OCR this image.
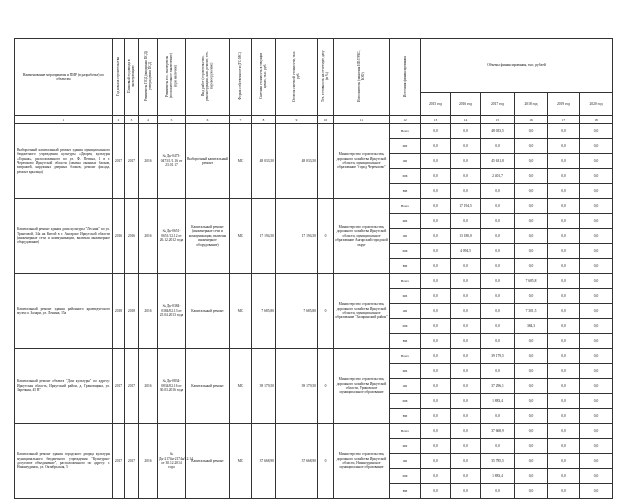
Наименование мероприятия и ПИР (в разработке) по объектам	Год начала строительства	Плановый год ввода в эксплуатацию	Реквизиты ПСД (вводимая ПСД) утверждения ПСД	Реквизиты гос. экспертизы (положительное заключение) (при наличии)	Вид работ (строительство, реконструкция, кап. ремонт, тех. перевооружение)	Форма собственности (ГС/МС)	Сметная стоимость в текущих ценах, тыс. руб.	Остаток сметной стоимости, тыс. руб.	Тех. готовность на отчетную дату (в %)	Исполнитель (заказчик ИП/ГРБС, ЮО)	Источник финансирования	Объемы финансирования, тыс. рублей					
												2015 год	2016 год	2017 год	2018 год	2019 год	2020 год
1	2	3	4	5	6	7	8	9	10	11	12	13	14	15	16	17	18
Выборочный капитальный ремонт здания муниципального бюджетного учреждения культуры «Дворец культуры «Горняк», расположенного по ул. Ф. Петина, 1 в г. Черемхово Иркутской области (замена оконных блоков, витражей, наружных дверных блоков, ремонт фасада, ремонт крыльца)	2017	2017	2016	№ Дк-0473-0473/1/1.16 от 23.01.17	Выборочный капитальный ремонт	МС	48 033,50	48 033,50		Министерство строительства, дорожного хозяйства Иркутской области, муниципальное образование "город Черемхово"	Всего	0,0	0,0	48 033,5	0,0	0,0	0,0
											ФБ	0,0	0,0	0,0	0,0	0,0	0,0
											ОБ	0,0	0,0	45 631,8	0,0	0,0	0,0
											МБ	0,0	0,0	2 401,7	0,0	0,0	0,0
											ВИ	0,0	0,0	0,0	0,0	0,0	0,0
Капитальный ремонт здания дома культуры "Лесник" по ул. Трактовой, 34а на Китой в г. Ангарске Иркутской области (инженерные сети и коммуникации, включая инженерное оборудование)	2016	2016	2016	№ Дк-0651-0651/12.12 от 26.12.2012 года	Капитальный ремонт (инженерные сети и коммуникации, включая инженерное оборудование)	МС	17 194,50	17 194,50	0	Министерство строительства, дорожного хозяйства Иркутской области, муниципальное образование Ангарский городской округ	Всего	0,0	17 194,5	0,0	0,0	0,0	0,0
											ФБ	0,0	0,0	0,0	0,0	0,0	0,0
											ОБ	0,0	13 180,0	0,0	0,0	0,0	0,0
											МБ	0,0	4 094,5	0,0	0,0	0,0	0,0
											ВИ	0,0	0,0	0,0	0,0	0,0	0,0
Капитальный ремонт здания районного краеведческого музея п. Залари, ул. Ленина, 15а	2018	2018	2016	№ Дк-0384-0384/02.13 от 25.04.2013 года	Капитальный ремонт	МС	7 685,80	7 685,80	0	Министерство строительства, дорожного хозяйства Иркутской области, муниципальное образование "Заларинский район"	Всего	0,0	0,0	0,0	7 685,8	0,0	0,0
											ФБ	0,0	0,0	0,0	0,0	0,0	0,0
											ОБ	0,0	0,0	0,0	7 301,5	0,0	0,0
											МБ	0,0	0,0	0,0	384,3	0,0	0,0
											ВИ	0,0	0,0	0,0	0,0	0,0	0,0
Капитальный ремонт объекта "Дом культуры" по адресу: Иркутская область, Иркутский район, д. Грановщина, ул. Заречная, 45 В"	2017	2017	2016	№ Дк-0834-0834/02.16 от 30.03.2016 года	Капитальный ремонт	МС	39 179,50	39 179,50	0	Министерство строительства, дорожного хозяйства Иркутской области, Уриковское муниципальное образование	Всего	0,0	0,0	39 179,5	0,0	0,0	0,0
											ФБ	0,0	0,0	0,0	0,0	0,0	0,0
											ОБ	0,0	0,0	37 296,1	0,0	0,0	0,0
											МБ	0,0	0,0	1 883,4	0,0	0,0	0,0
											ВИ	0,0	0,0	0,0	0,0	0,0	0,0
Капитальный ремонт здания городского дворца культуры муниципального бюджетного учреждения "Культурно-досуговое объединение", расположенного по адресу: г. Нижнеудинск, ул. Октябрьская, 5	2017	2017	2016	№ Дк-2174н-2174н/12.14 от 30.12.2014 года	Капитальный ремонт	МС	37 668,90	37 668,90	0	Министерство строительства, дорожного хозяйства Иркутской области, Нижнеудинское муниципальное образование	Всего	0,0	0,0	37 668,9	0,0	0,0	0,0
											ФБ	0,0	0,0	0,0	0,0	0,0	0,0
											ОБ	0,0	0,0	35 785,5	0,0	0,0	0,0
											МБ	0,0	0,0	1 883,4	0,0	0,0	0,0
											ВИ	0,0	0,0	0,0	0,0	0,0	0,0
